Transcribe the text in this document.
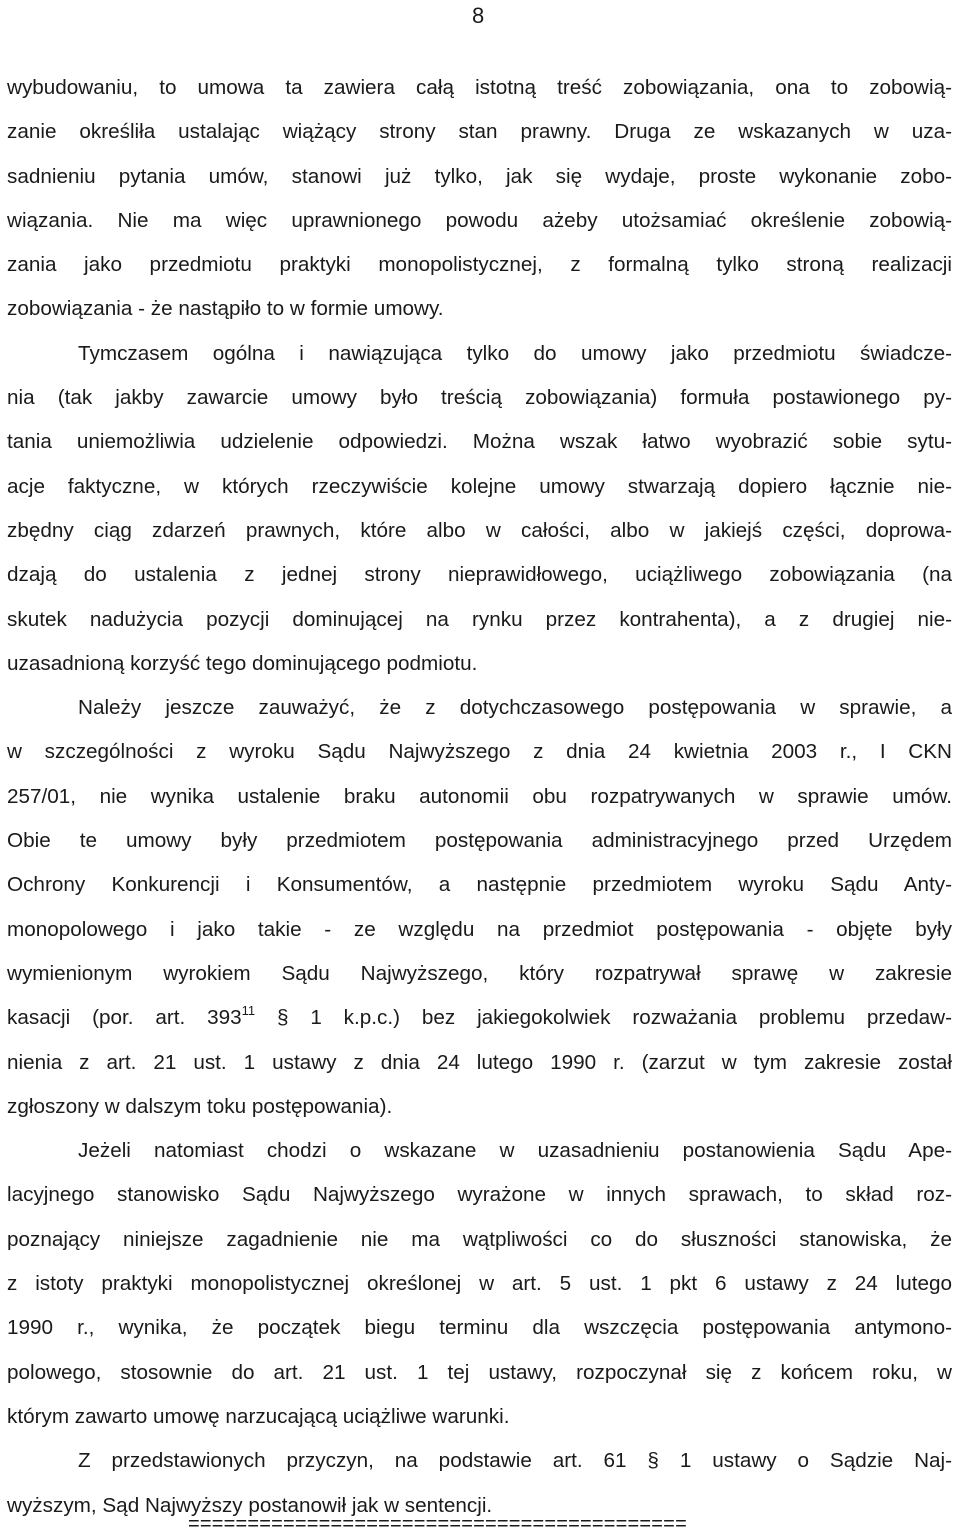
8
wybudowaniu, to umowa ta zawiera całą istotną treść zobowiązania, ona to zobowią-
zanie określiła ustalając wiążący strony stan prawny. Druga ze wskazanych w uza-
sadnieniu pytania umów, stanowi już tylko, jak się wydaje, proste wykonanie zobo-
wiązania. Nie ma więc uprawnionego powodu ażeby utożsamiać określenie zobowią-
zania jako przedmiotu praktyki monopolistycznej, z formalną tylko stroną realizacji
zobowiązania - że nastąpiło to w formie umowy.
Tymczasem ogólna i nawiązująca tylko do umowy jako przedmiotu świadcze-
nia (tak jakby zawarcie umowy było treścią zobowiązania) formuła postawionego py-
tania uniemożliwia udzielenie odpowiedzi. Można wszak łatwo wyobrazić sobie sytu-
acje faktyczne, w których rzeczywiście kolejne umowy stwarzają dopiero łącznie nie-
zbędny ciąg zdarzeń prawnych, które albo w całości, albo w jakiejś części, doprowa-
dzają do ustalenia z jednej strony nieprawidłowego, uciążliwego zobowiązania (na
skutek nadużycia pozycji dominującej na rynku przez kontrahenta), a z drugiej nie-
uzasadnioną korzyść tego dominującego podmiotu.
Należy jeszcze zauważyć, że z dotychczasowego postępowania w sprawie, a
w szczególności z wyroku Sądu Najwyższego z dnia 24 kwietnia 2003 r., I CKN
257/01, nie wynika ustalenie braku autonomii obu rozpatrywanych w sprawie umów.
Obie te umowy były przedmiotem postępowania administracyjnego przed Urzędem
Ochrony Konkurencji i Konsumentów, a następnie przedmiotem wyroku Sądu Anty-
monopolowego i jako takie - ze względu na przedmiot postępowania - objęte były
wymienionym wyrokiem Sądu Najwyższego, który rozpatrywał sprawę w zakresie
kasacji (por. art. $393^{11}$ § 1 k.p.c.) bez jakiegokolwiek rozważania problemu przedaw-
nienia z art. 21 ust. 1 ustawy z dnia 24 lutego 1990 r. (zarzut w tym zakresie został
zgłoszony w dalszym toku postępowania).
Jeżeli natomiast chodzi o wskazane w uzasadnieniu postanowienia Sądu Ape-
lacyjnego stanowisko Sądu Najwyższego wyrażone w innych sprawach, to skład roz-
poznający niniejsze zagadnienie nie ma wątpliwości co do słuszności stanowiska, że
z istoty praktyki monopolistycznej określonej w art. 5 ust. 1 pkt 6 ustawy z 24 lutego
1990 r., wynika, że początek biegu terminu dla wszczęcia postępowania antymono-
polowego, stosownie do art. 21 ust. 1 tej ustawy, rozpoczynał się z końcem roku, w
którym zawarto umowę narzucającą uciążliwe warunki.
Z przedstawionych przyczyn, na podstawie art. 61 § 1 ustawy o Sądzie Naj-
wyższym, Sąd Najwyższy postanowił jak w sentencji.
==========================================
